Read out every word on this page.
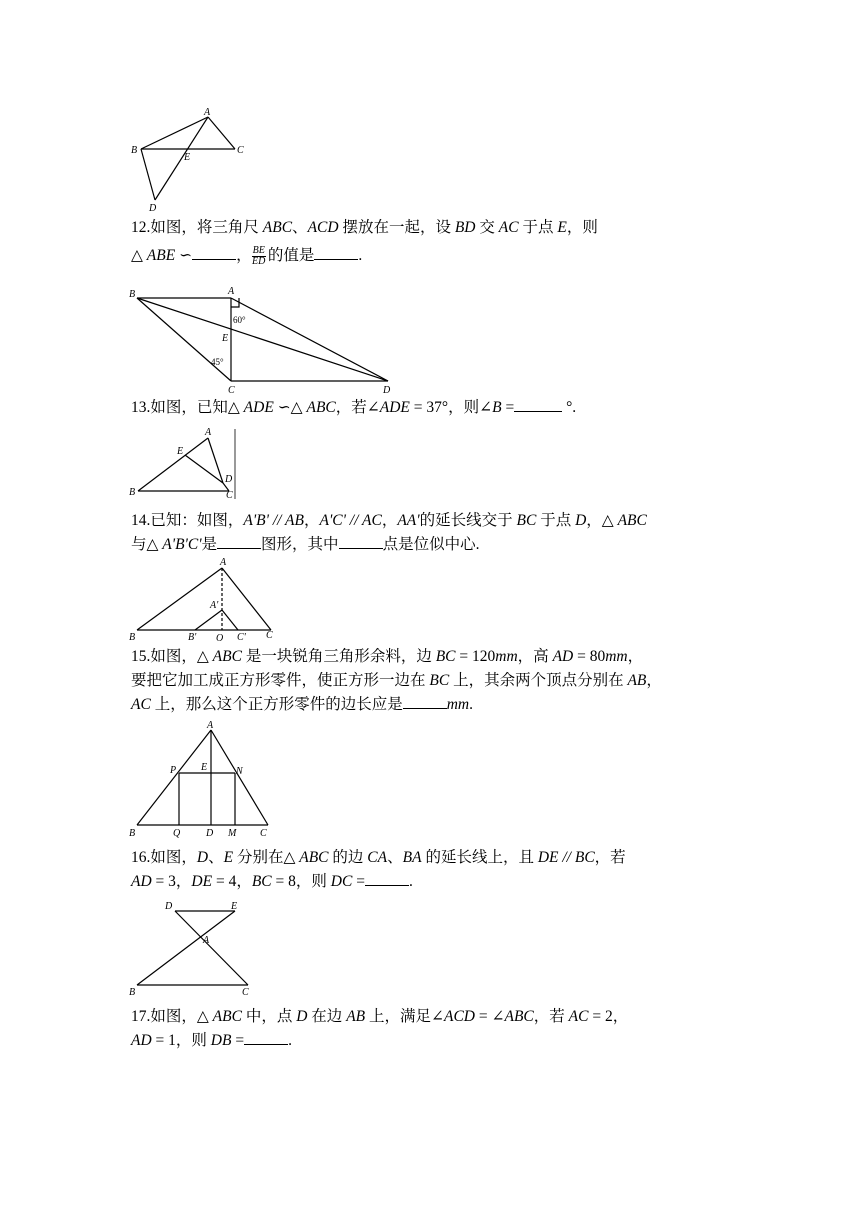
A
B	C
E
D
12.如图，将三角尺 ABC、ACD 摆放在一起，设 BD 交 AC 于点 E，则
△ ABE ∽	， $\frac{BE}{ED}$ 的值是	.
A
B
E
C	D
60°
45°
13.如图，已知△ ADE ∽△ ABC，若∠ADE = 37°，则∠B =	°.
A
E
D
B	C
14.已知：如图，A'B' // AB，A'C' // AC，AA'的延长线交于 BC 于点 D，△ ABC
与△ A'B'C'是	图形，其中	点是位似中心.
A
A'
B	B' O C' C
15.如图，△ ABC 是一块锐角三角形余料，边 BC = 120mm，高 AD = 80mm，
要把它加工成正方形零件，使正方形一边在 BC 上，其余两个顶点分别在 AB，
AC 上，那么这个正方形零件的边长应是	mm.
A
P E	N
B	Q	D M C
16.如图，D、E 分别在△ ABC 的边 CA、BA 的延长线上，且 DE // BC，若
AD = 3，DE = 4，BC = 8，则 DC =	.
D	E
A
B	C
17.如图，△ ABC 中，点 D 在边 AB 上，满足∠ACD = ∠ABC，若 AC = 2，
AD = 1，则 DB =	.
